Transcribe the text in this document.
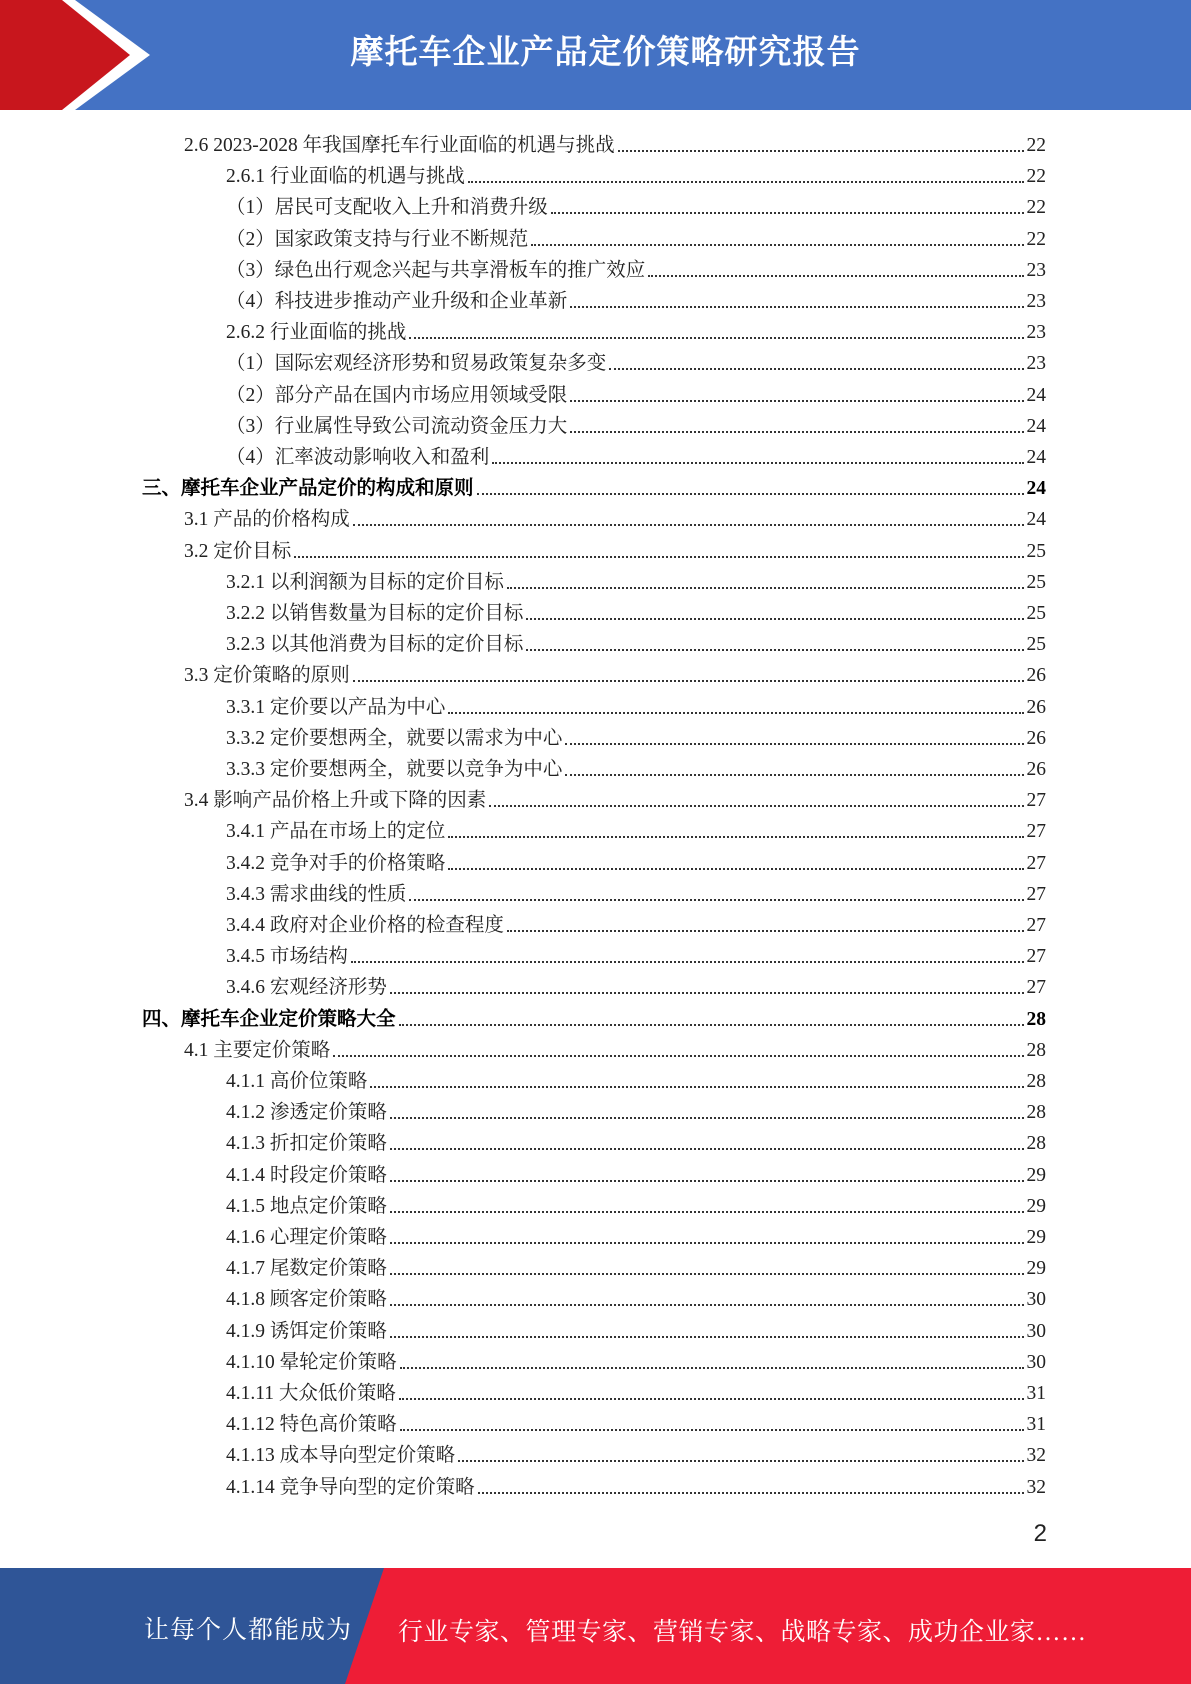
摩托车企业产品定价策略研究报告
2.6 2023-2028 年我国摩托车行业面临的机遇与挑战	22
2.6.1 行业面临的机遇与挑战	22
（1）居民可支配收入上升和消费升级	22
（2）国家政策支持与行业不断规范	22
（3）绿色出行观念兴起与共享滑板车的推广效应	23
（4）科技进步推动产业升级和企业革新	23
2.6.2 行业面临的挑战	23
（1）国际宏观经济形势和贸易政策复杂多变	23
（2）部分产品在国内市场应用领域受限	24
（3）行业属性导致公司流动资金压力大	24
（4）汇率波动影响收入和盈利	24
三、摩托车企业产品定价的构成和原则	24
3.1 产品的价格构成	24
3.2 定价目标	25
3.2.1 以利润额为目标的定价目标	25
3.2.2 以销售数量为目标的定价目标	25
3.2.3 以其他消费为目标的定价目标	25
3.3 定价策略的原则	26
3.3.1 定价要以产品为中心	26
3.3.2 定价要想两全，就要以需求为中心	26
3.3.3 定价要想两全，就要以竞争为中心	26
3.4 影响产品价格上升或下降的因素	27
3.4.1 产品在市场上的定位	27
3.4.2 竞争对手的价格策略	27
3.4.3 需求曲线的性质	27
3.4.4 政府对企业价格的检查程度	27
3.4.5 市场结构	27
3.4.6 宏观经济形势	27
四、摩托车企业定价策略大全	28
4.1 主要定价策略	28
4.1.1 高价位策略	28
4.1.2 渗透定价策略	28
4.1.3 折扣定价策略	28
4.1.4 时段定价策略	29
4.1.5 地点定价策略	29
4.1.6 心理定价策略	29
4.1.7 尾数定价策略	29
4.1.8 顾客定价策略	30
4.1.9 诱饵定价策略	30
4.1.10 晕轮定价策略	30
4.1.11 大众低价策略	31
4.1.12 特色高价策略	31
4.1.13 成本导向型定价策略	32
4.1.14 竞争导向型的定价策略	32
2
让每个人都能成为 行业专家、管理专家、营销专家、战略专家、成功企业家……
